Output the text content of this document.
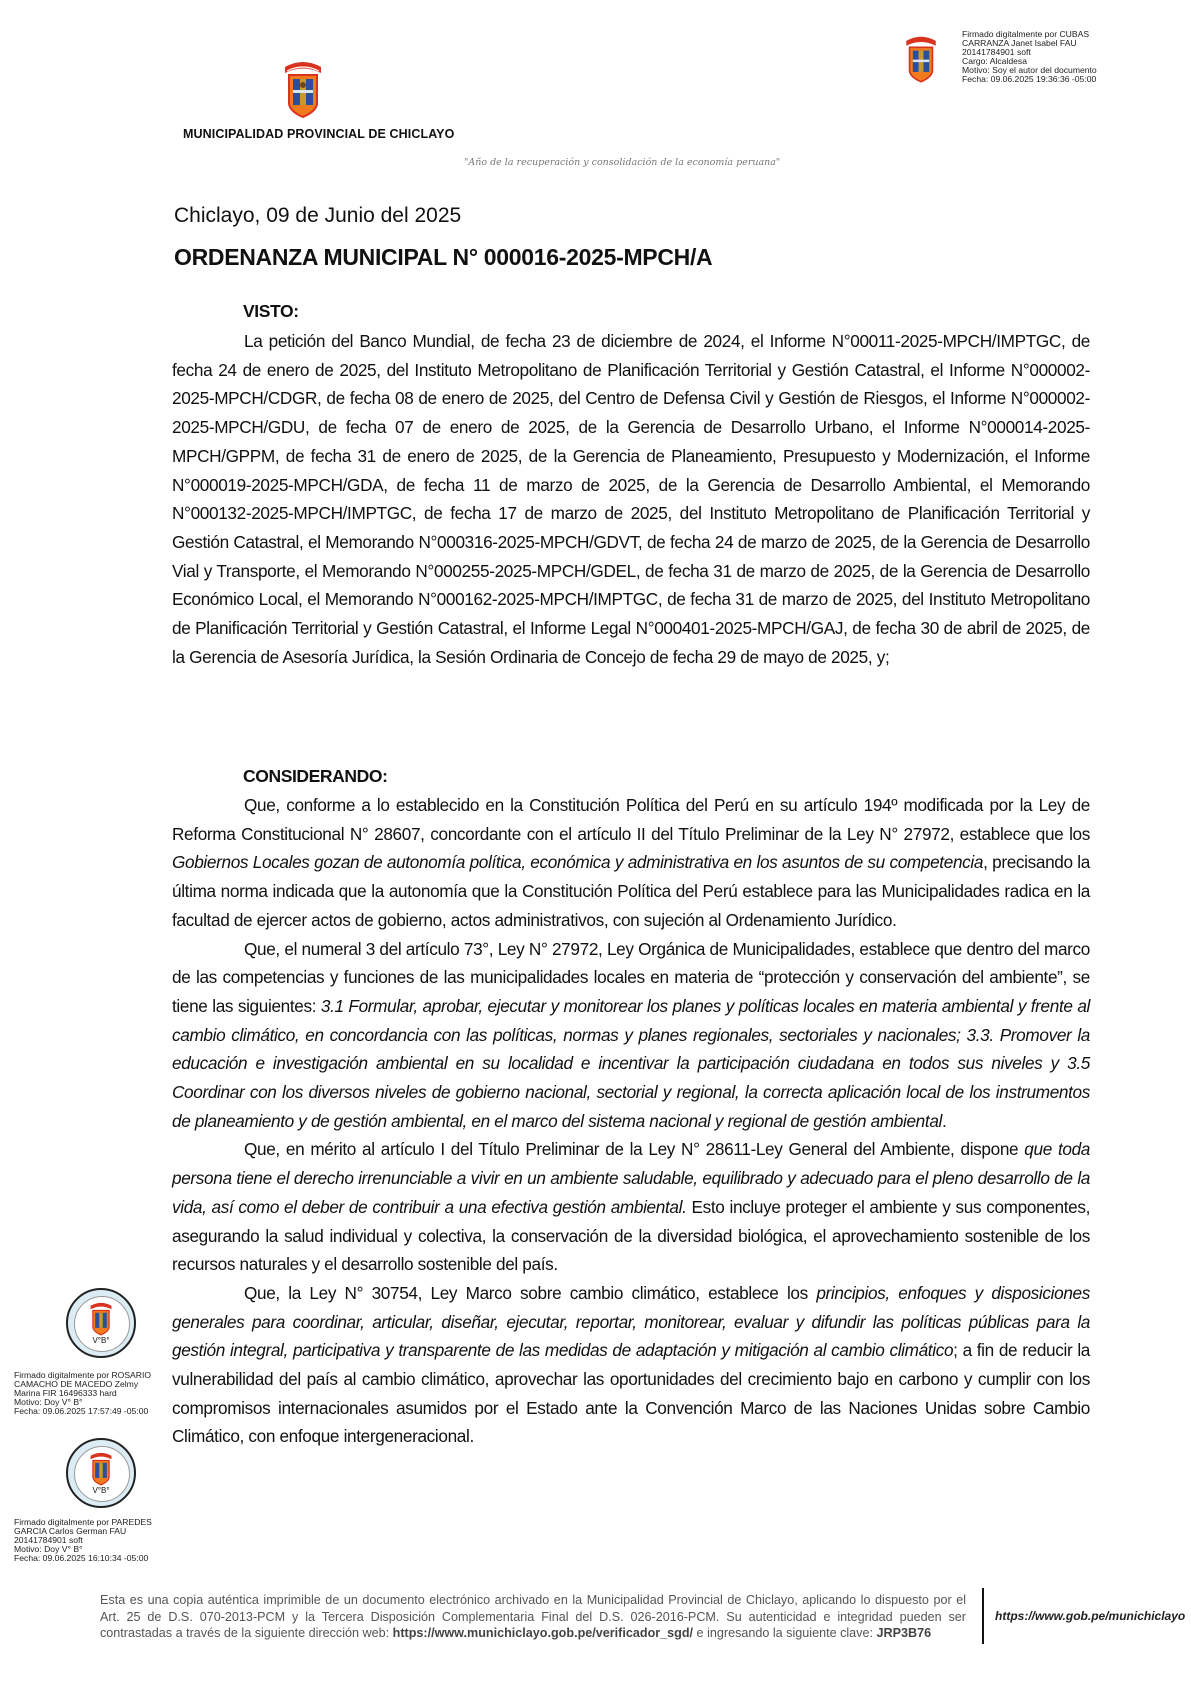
MUNICIPALIDAD PROVINCIAL DE CHICLAYO
"Año de la recuperación y consolidación de la economía peruana"
Firmado digitalmente por CUBAS
CARRANZA Janet Isabel FAU
20141784901 soft
Cargo: Alcaldesa
Motivo: Soy el autor del documento
Fecha: 09.06.2025 19:36:36 -05:00
Chiclayo, 09 de Junio del 2025
ORDENANZA MUNICIPAL N° 000016-2025-MPCH/A
VISTO:

La petición del Banco Mundial, de fecha 23 de diciembre de 2024, el Informe N°00011-2025-MPCH/IMPTGC, de fecha 24 de enero de 2025, del Instituto Metropolitano de Planificación Territorial y Gestión Catastral, el Informe N°000002-2025-MPCH/CDGR, de fecha 08 de enero de 2025, del Centro de Defensa Civil y Gestión de Riesgos, el Informe N°000002-2025-MPCH/GDU, de fecha 07 de enero de 2025, de la Gerencia de Desarrollo Urbano, el Informe N°000014-2025-MPCH/GPPM, de fecha 31 de enero de 2025, de la Gerencia de Planeamiento, Presupuesto y Modernización, el Informe N°000019-2025-MPCH/GDA, de fecha 11 de marzo de 2025, de la Gerencia de Desarrollo Ambiental, el Memorando N°000132-2025-MPCH/IMPTGC, de fecha 17 de marzo de 2025, del Instituto Metropolitano de Planificación Territorial y Gestión Catastral, el Memorando N°000316-2025-MPCH/GDVT, de fecha 24 de marzo de 2025, de la Gerencia de Desarrollo Vial y Transporte, el Memorando N°000255-2025-MPCH/GDEL, de fecha 31 de marzo de 2025, de la Gerencia de Desarrollo Económico Local, el Memorando N°000162-2025-MPCH/IMPTGC, de fecha 31 de marzo de 2025, del Instituto Metropolitano de Planificación Territorial y Gestión Catastral, el Informe Legal N°000401-2025-MPCH/GAJ, de fecha 30 de abril de 2025, de la Gerencia de Asesoría Jurídica, la Sesión Ordinaria de Concejo de fecha 29 de mayo de 2025, y;

CONSIDERANDO:

Que, conforme a lo establecido en la Constitución Política del Perú en su artículo 194º modificada por la Ley de Reforma Constitucional N° 28607, concordante con el artículo II del Título Preliminar de la Ley N° 27972, establece que los Gobiernos Locales gozan de autonomía política, económica y administrativa en los asuntos de su competencia, precisando la última norma indicada que la autonomía que la Constitución Política del Perú establece para las Municipalidades radica en la facultad de ejercer actos de gobierno, actos administrativos, con sujeción al Ordenamiento Jurídico.

Que, el numeral 3 del artículo 73°, Ley N° 27972, Ley Orgánica de Municipalidades, establece que dentro del marco de las competencias y funciones de las municipalidades locales en materia de “protección y conservación del ambiente”, se tiene las siguientes: 3.1 Formular, aprobar, ejecutar y monitorear los planes y políticas locales en materia ambiental y frente al cambio climático, en concordancia con las políticas, normas y planes regionales, sectoriales y nacionales; 3.3. Promover la educación e investigación ambiental en su localidad e incentivar la participación ciudadana en todos sus niveles y 3.5 Coordinar con los diversos niveles de gobierno nacional, sectorial y regional, la correcta aplicación local de los instrumentos de planeamiento y de gestión ambiental, en el marco del sistema nacional y regional de gestión ambiental.

Que, en mérito al artículo I del Título Preliminar de la Ley N° 28611-Ley General del Ambiente, dispone que toda persona tiene el derecho irrenunciable a vivir en un ambiente saludable, equilibrado y adecuado para el pleno desarrollo de la vida, así como el deber de contribuir a una efectiva gestión ambiental. Esto incluye proteger el ambiente y sus componentes, asegurando la salud individual y colectiva, la conservación de la diversidad biológica, el aprovechamiento sostenible de los recursos naturales y el desarrollo sostenible del país.

Que, la Ley N° 30754, Ley Marco sobre cambio climático, establece los principios, enfoques y disposiciones generales para coordinar, articular, diseñar, ejecutar, reportar, monitorear, evaluar y difundir las políticas públicas para la gestión integral, participativa y transparente de las medidas de adaptación y mitigación al cambio climático; a fin de reducir la vulnerabilidad del país al cambio climático, aprovechar las oportunidades del crecimiento bajo en carbono y cumplir con los compromisos internacionales asumidos por el Estado ante la Convención Marco de las Naciones Unidas sobre Cambio Climático, con enfoque intergeneracional.

V°B°
Firmado digitalmente por ROSARIO
CAMACHO DE MACEDO Zelmy
Marina FIR 16496333 hard
Motivo: Doy V° B°
Fecha: 09.06.2025 17:57:49 -05:00
V°B°
Firmado digitalmente por PAREDES
GARCIA Carlos German FAU
20141784901 soft
Motivo: Doy V° B°
Fecha: 09.06.2025 16:10:34 -05:00
Esta es una copia auténtica imprimible de un documento electrónico archivado en la Municipalidad Provincial de Chiclayo, aplicando lo dispuesto por el Art. 25 de D.S. 070-2013-PCM y la Tercera Disposición Complementaria Final del D.S. 026-2016-PCM. Su autenticidad e integridad pueden ser contrastadas a través de la siguiente dirección web: https://www.munichiclayo.gob.pe/verificador_sgd/ e ingresando la siguiente clave: JRP3B76
https://www.gob.pe/munichiclayo
